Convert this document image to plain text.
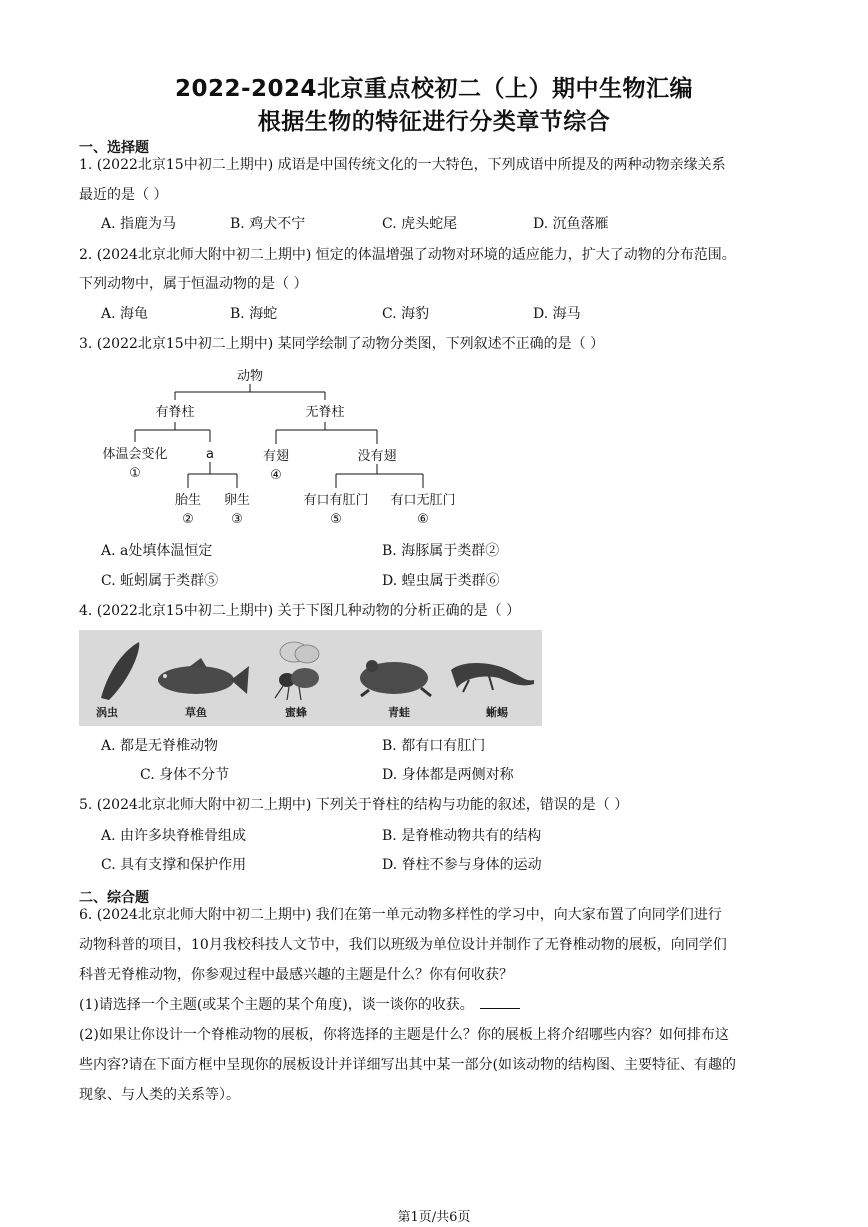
2022-2024北京重点校初二（上）期中生物汇编
根据生物的特征进行分类章节综合
一、选择题
1. (2022北京15中初二上期中) 成语是中国传统文化的一大特色，下列成语中所提及的两种动物亲缘关系
最近的是（ ）
A. 指鹿为马	B. 鸡犬不宁	C. 虎头蛇尾	D. 沉鱼落雁
2. (2024北京北师大附中初二上期中) 恒定的体温增强了动物对环境的适应能力，扩大了动物的分布范围。
下列动物中，属于恒温动物的是（ ）
A. 海龟	B. 海蛇	C. 海豹	D. 海马
3. (2022北京15中初二上期中) 某同学绘制了动物分类图，下列叙述不正确的是（ ）
动物
有脊柱	无脊柱
体温会变化
①
a
胎生
②
卵生
③
有翅
④
没有翅
有口有肛门
⑤
有口无肛门
⑥
A. a处填体温恒定	B. 海豚属于类群②
C. 蚯蚓属于类群⑤	D. 蝗虫属于类群⑥
4. (2022北京15中初二上期中) 关于下图几种动物的分析正确的是（ ）
涡虫	草鱼	蜜蜂	青蛙	蜥蜴
A. 都是无脊椎动物	B. 都有口有肛门
C. 身体不分节	D. 身体都是两侧对称
5. (2024北京北师大附中初二上期中) 下列关于脊柱的结构与功能的叙述，错误的是（ ）
A. 由许多块脊椎骨组成	B. 是脊椎动物共有的结构
C. 具有支撑和保护作用	D. 脊柱不参与身体的运动
二、综合题
6. (2024北京北师大附中初二上期中) 我们在第一单元动物多样性的学习中，向大家布置了向同学们进行
动物科普的项目，10月我校科技人文节中，我们以班级为单位设计并制作了无脊椎动物的展板，向同学们
科普无脊椎动物，你参观过程中最感兴趣的主题是什么？你有何收获？
(1)请选择一个主题(或某个主题的某个角度)，谈一谈你的收获。
(2)如果让你设计一个脊椎动物的展板，你将选择的主题是什么？你的展板上将介绍哪些内容？如何排布这
些内容?请在下面方框中呈现你的展板设计并详细写出其中某一部分(如该动物的结构图、主要特征、有趣的
现象、与人类的关系等）。
第1页/共6页
